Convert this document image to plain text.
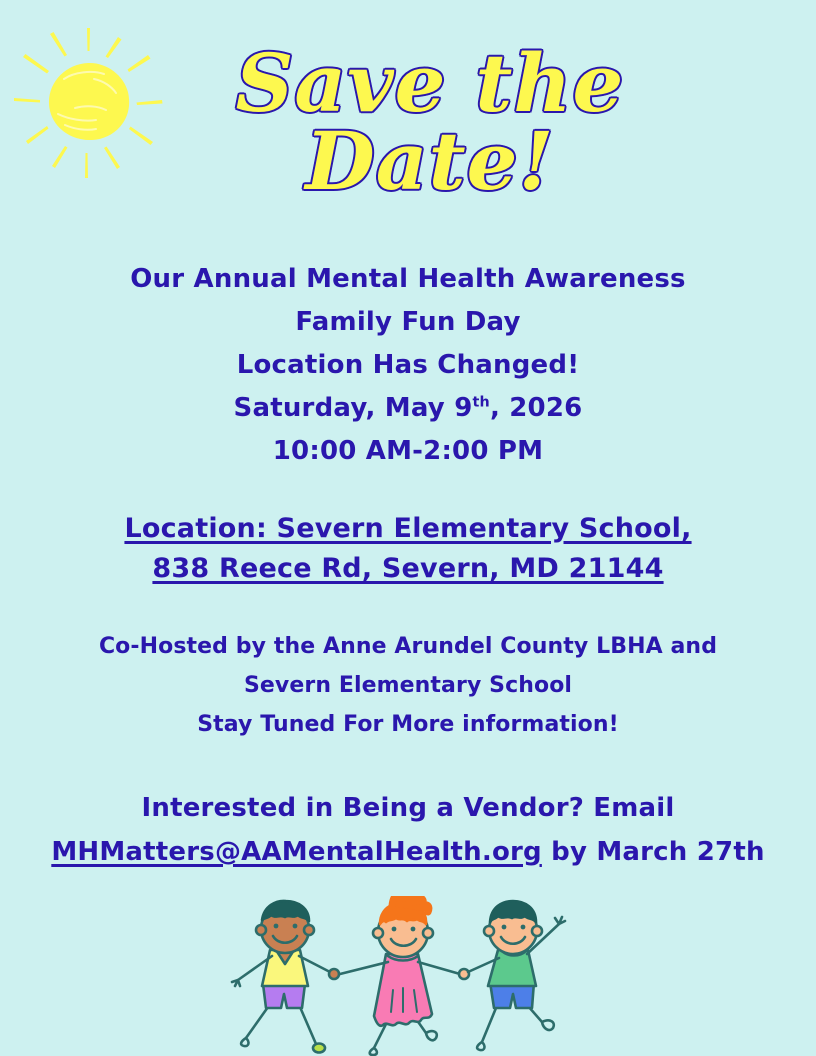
Save the
Date!
Our Annual Mental Health Awareness
Family Fun Day
Location Has Changed!
Saturday, May 9th, 2026
10:00 AM-2:00 PM
Location: Severn Elementary School,
838 Reece Rd, Severn, MD 21144
Co-Hosted by the Anne Arundel County LBHA and
Severn Elementary School
Stay Tuned For More information!
Interested in Being a Vendor? Email
MHMatters@AAMentalHealth.org by March 27th
